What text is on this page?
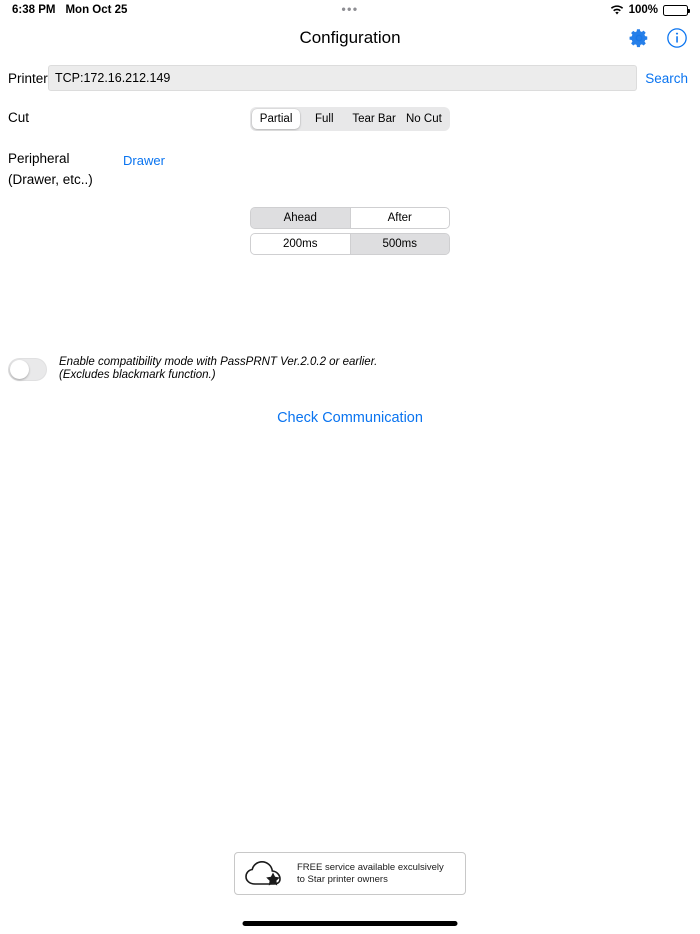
6:38 PM Mon Oct 25	•••	100%
Configuration
Printer TCP:172.16.212.149	Search
Cut	Partial	Full	Tear Bar No Cut
Peripheral
(Drawer, etc..)
Drawer
Ahead	After
200ms	500ms
Enable compatibility mode with PassPRNT Ver.2.0.2 or earlier.
(Excludes blackmark function.)
Check Communication
FREE service available exculsively
to Star printer owners
